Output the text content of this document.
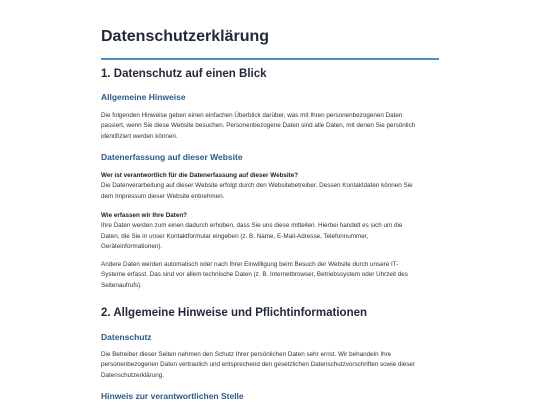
Datenschutzerklärung
1. Datenschutz auf einen Blick
Allgemeine Hinweise

Die folgenden Hinweise geben einen einfachen Überblick darüber, was mit Ihren personenbezogenen Daten

passiert, wenn Sie diese Website besuchen. Personenbezogene Daten sind alle Daten, mit denen Sie persönlich

identifiziert werden können.

Datenerfassung auf dieser Website

Wer ist verantwortlich für die Datenerfassung auf dieser Website?

Die Datenverarbeitung auf dieser Website erfolgt durch den Websitebetreiber. Dessen Kontaktdaten können Sie

dem Impressum dieser Website entnehmen.

Wie erfassen wir Ihre Daten?

Ihre Daten werden zum einen dadurch erhoben, dass Sie uns diese mitteilen. Hierbei handelt es sich um die

Daten, die Sie in unser Kontaktformular eingeben (z. B. Name, E-Mail-Adresse, Telefonnummer,

Geräteinformationen).

Andere Daten werden automatisch oder nach Ihrer Einwilligung beim Besuch der Website durch unsere IT-

Systeme erfasst. Das sind vor allem technische Daten (z. B. Internetbrowser, Betriebssystem oder Uhrzeit des

Seitenaufrufs).

2. Allgemeine Hinweise und Pflichtinformationen
Datenschutz

Die Betreiber dieser Seiten nehmen den Schutz Ihrer persönlichen Daten sehr ernst. Wir behandeln Ihre

personenbezogenen Daten vertraulich und entsprechend den gesetzlichen Datenschutzvorschriften sowie dieser

Datenschutzerklärung.

Hinweis zur verantwortlichen Stelle
